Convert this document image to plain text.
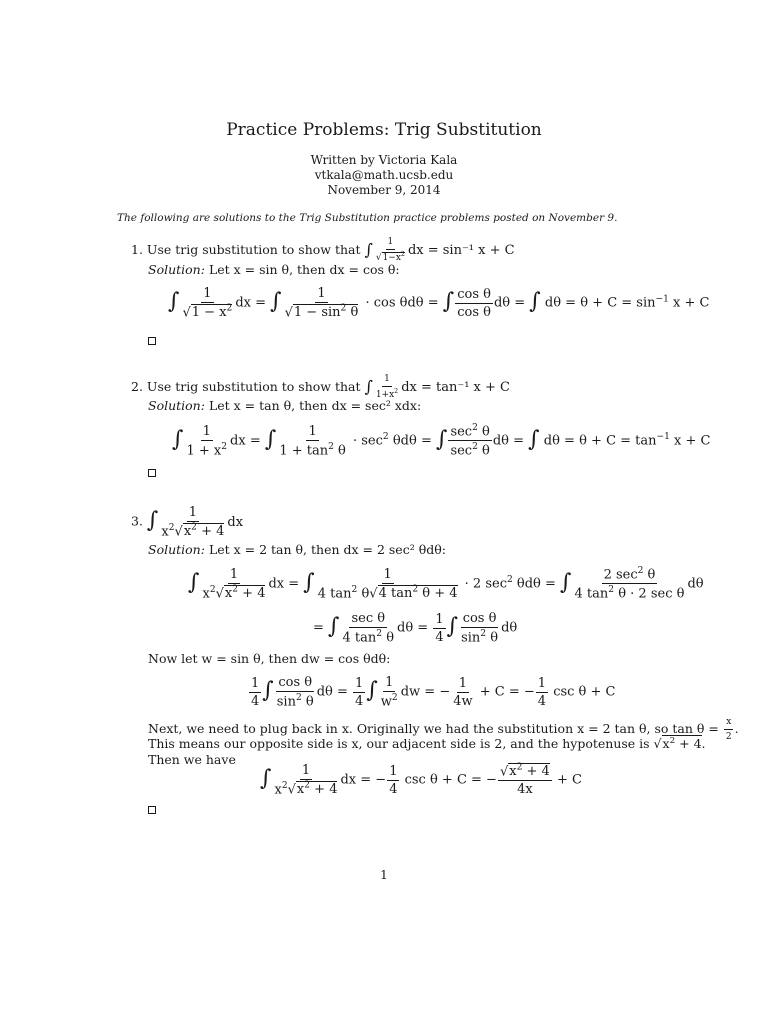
Practice Problems: Trig Substitution
Written by Victoria Kala
vtkala@math.ucsb.edu
November 9, 2014
The following are solutions to the Trig Substitution practice problems posted on November 9.
1. Use trig substitution to show that ∫ $\frac{1}{√1-x^2}$ dx = sin⁻¹ x + C
Solution: Let x = sin θ, then dx = cos θ:
∫ $\frac{1}{√1 - x^2}$ dx = ∫ $\frac{1}{√1 - \sin^2 \theta} \cdot \cos \theta d\theta$ = ∫ $\frac{\text{cos θ}}{\text{cos θ}}$ dθ = ∫ $d\theta = \theta + C = \sin^{-1} x + C$
2. Use trig substitution to show that ∫ $\frac{1}{1+x^2}$ dx = tan⁻¹ x + C
Solution: Let x = tan θ, then dx = sec² xdx:
∫ $\frac{1}{1 + x^2}$ dx = ∫ $\frac{1}{1 + \tan^2 \theta} \cdot \sec^2 \theta d\theta$ = ∫ $\frac{\sec^2 \theta}{\sec^2 \theta}$ dθ = ∫ $d\theta = \theta + C = \tan^{-1} x + C$
3. ∫ $\frac{1}{x^2√x^2 + 4}$ dx
Solution: Let x = 2 tan θ, then dx = 2 sec² θdθ:
∫ $\frac{1}{x^2√x^2 + 4}$ dx = ∫ $\frac{1}{4 \tan^2 \theta√4 \tan^2 \theta + 4} \cdot 2$ $\sec^2 \theta d\theta$ = ∫ $\frac{2 \sec^2 \theta}{4 \tan^2 \theta \cdot 2 \sec \theta}$ dθ
= ∫ $\frac{\text{sec θ}}{4 \tan^2 \theta}$ $d\theta = \frac{1}{4}$ ∫ $\frac{\text{cos θ}}{\sin^2 \theta}$ dθ
Now let w = sin θ, then dw = cos θdθ:
$\frac{1}{4}$ ∫ $\frac{\text{cos θ}}{\sin^2 \theta}$ $d\theta = \frac{1}{4}$ ∫ $\frac{1}{w^2}$ dw = − $\frac{1}{4w} + C$ = − $\frac{1}{4}$ csc θ + C
Next, we need to plug back in x. Originally we had the substitution x = 2 tan θ, so $\tan \theta = \frac{x}{2}$ .
This means our opposite side is x, our adjacent side is 2, and the hypotenuse is $√x^2 + 4$.
Then we have
∫ $\frac{1}{x^2√x^2 + 4}$ dx = − $\frac{1}{4}$ csc θ + C = − $\frac{√x^2 + 4}{4x} + C$
1
